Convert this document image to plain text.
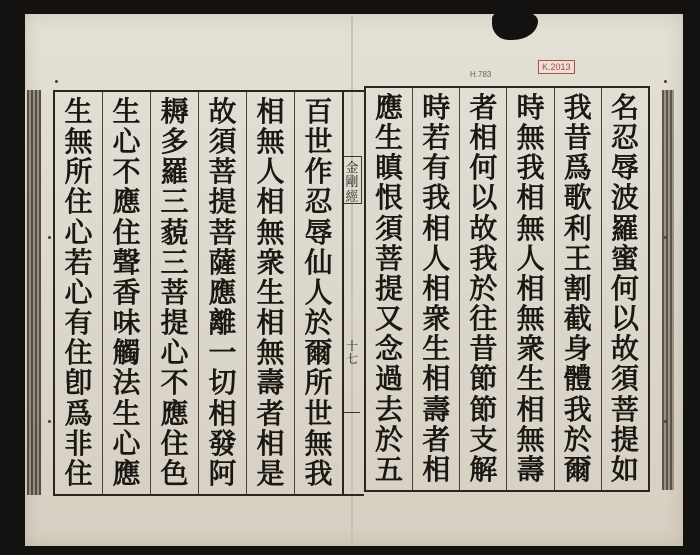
H.783
K.2013
名
忍
辱
波
羅
蜜
何
以
故
須
菩
提
如
我
昔
爲
歌
利
王
割
截
身
體
我
於
爾
時
無
我
相
無
人
相
無
衆
生
相
無
壽
者
相
何
以
故
我
於
往
昔
節
節
支
解
時
若
有
我
相
人
相
衆
生
相
壽
者
相
應
生
瞋
恨
須
菩
提
又
念
過
去
於
五
金
剛
經
十
七
百
世
作
忍
辱
仙
人
於
爾
所
世
無
我
相
無
人
相
無
衆
生
相
無
壽
者
相
是
故
須
菩
提
菩
薩
應
離
一
切
相
發
阿
耨
多
羅
三
藐
三
菩
提
心
不
應
住
色
生
心
不
應
住
聲
香
味
觸
法
生
心
應
生
無
所
住
心
若
心
有
住
卽
爲
非
住
